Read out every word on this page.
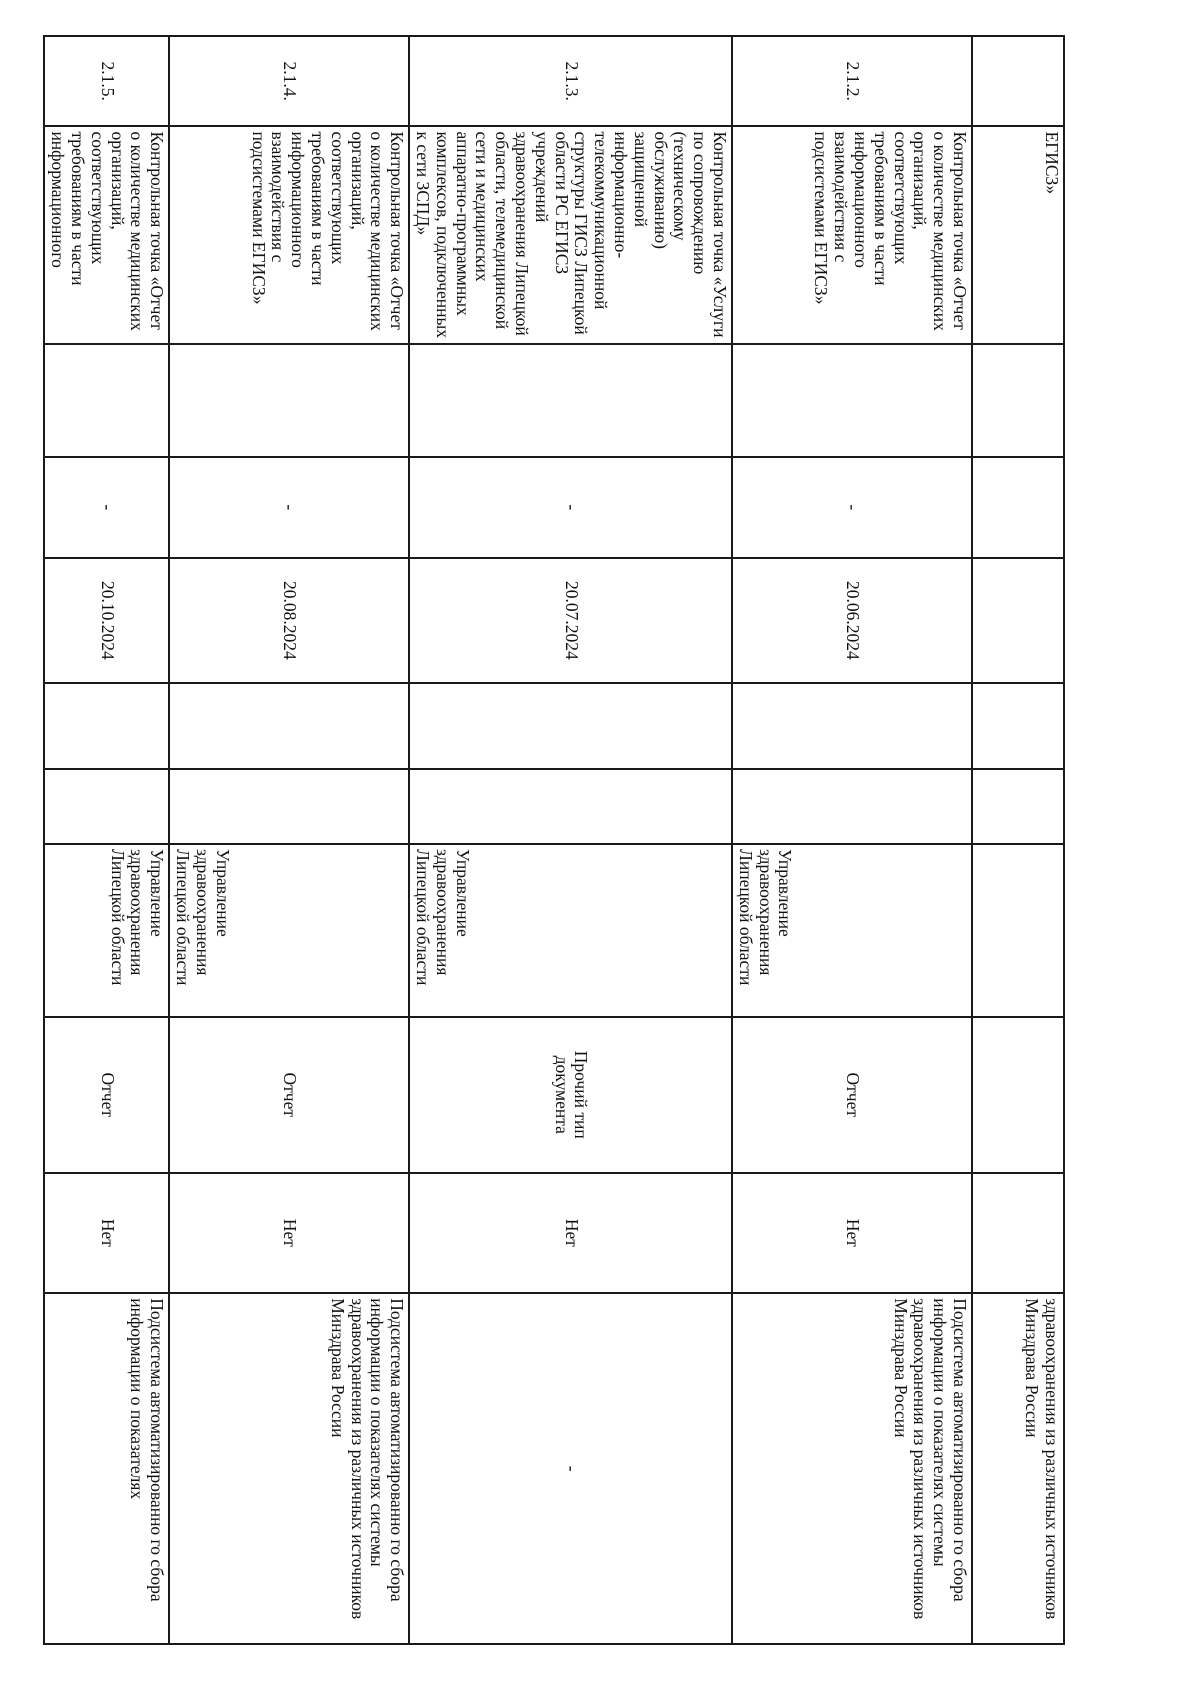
	ЕГИСЗ»									здравоохранения из различных источников Минздрава России
2.1.2.	Контрольная точка «Отчет о количестве медицинских организаций, соответствующих требованиям в части информационного взаимодействия с подсистемами ЕГИСЗ»		-	20.06.2024			Управление здравоохранения Липецкой области	Отчет	Нет	Подсистема автоматизированно го сбора информации о показателях системы здравоохранения из различных источников Минздрава России
2.1.3.	Контрольная точка «Услуги по сопровождению (техническому обслуживанию) защищенной информационно-телекоммуникационной структуры ГИСЗ Липецкой области РС ЕГИСЗ учреждений здравоохранения Липецкой области, телемедицинской сети и медицинских аппаратно-программных комплексов, подключенных к сети ЗСПД»		-	20.07.2024			Управление здравоохранения Липецкой области	Прочий тип документа	Нет	-
2.1.4.	Контрольная точка «Отчет о количестве медицинских организаций, соответствующих требованиям в части информационного взаимодействия с подсистемами ЕГИСЗ»		-	20.08.2024			Управление здравоохранения Липецкой области	Отчет	Нет	Подсистема автоматизированно го сбора информации о показателях системы здравоохранения из различных источников Минздрава России
2.1.5.	Контрольная точка «Отчет о количестве медицинских организаций, соответствующих требованиям в части информационного		-	20.10.2024			Управление здравоохранения Липецкой области	Отчет	Нет	Подсистема автоматизированно го сбора информации о показателях
